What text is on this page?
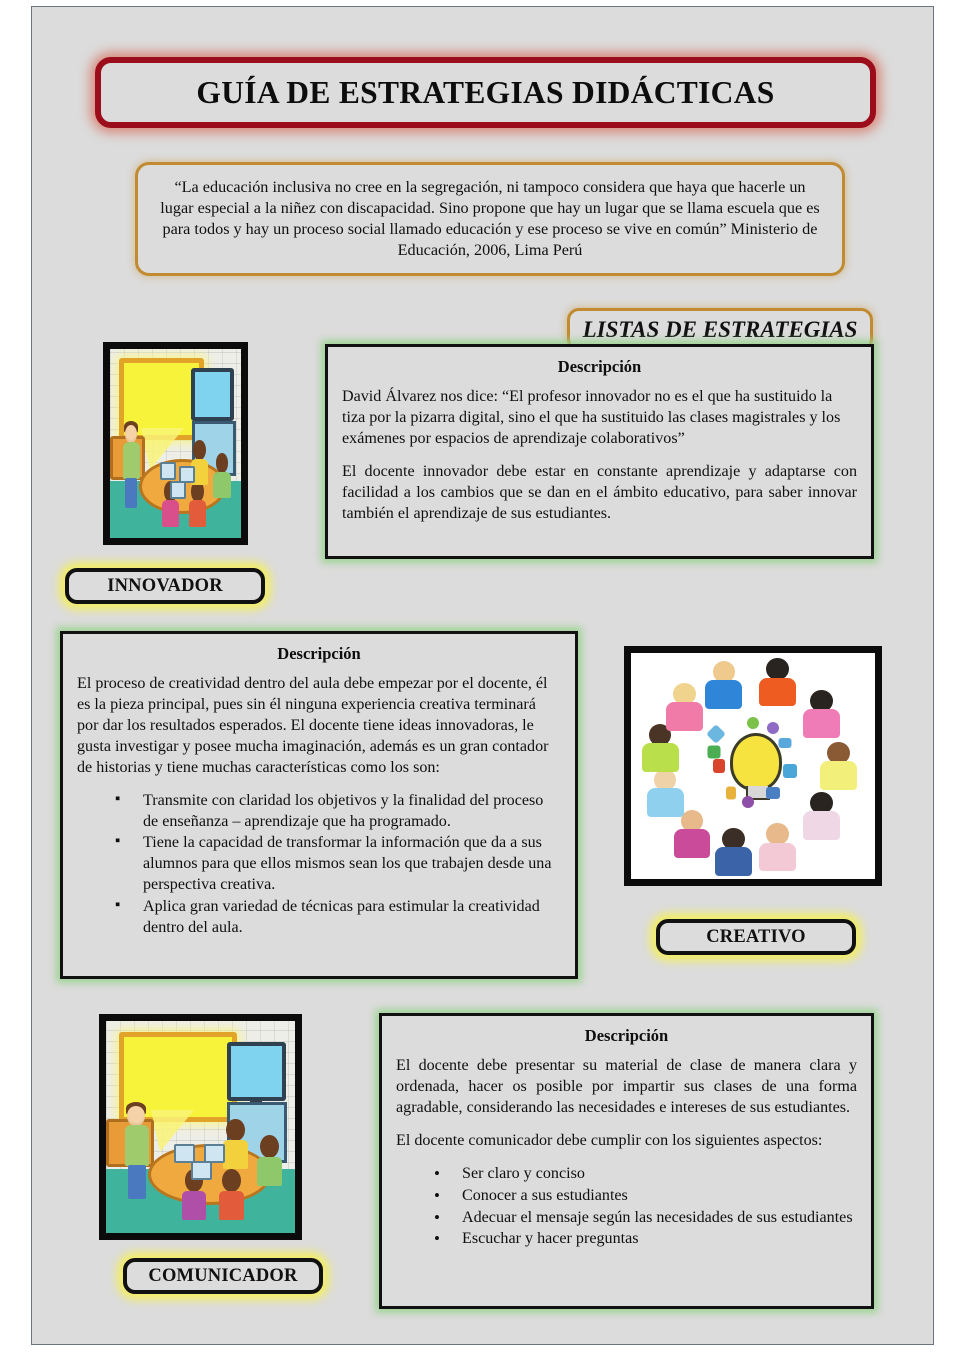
GUÍA DE ESTRATEGIAS DIDÁCTICAS
“La educación inclusiva no cree en la segregación, ni tampoco considera que haya que hacerle un lugar especial a la niñez con discapacidad. Sino propone que hay un lugar que se llama escuela que es para todos y hay un proceso social llamado educación y ese proceso se vive en común” Ministerio de Educación, 2006, Lima Perú
LISTAS DE ESTRATEGIAS
INNOVADOR
Descripción

David Álvarez nos dice: “El profesor innovador no es el que ha sustituido la tiza por la pizarra digital, sino el que ha sustituido las clases magistrales y los exámenes por espacios de aprendizaje colaborativos”

El docente innovador debe estar en constante aprendizaje y adaptarse con facilidad a los cambios que se dan en el ámbito educativo, para saber innovar también el aprendizaje de sus estudiantes.

Descripción

El proceso de creatividad dentro del aula debe empezar por el docente, él es la pieza principal, pues sin él ninguna experiencia creativa terminará por dar los resultados esperados. El docente tiene ideas innovadoras, le gusta investigar y posee mucha imaginación, además es un gran contador de historias y tiene muchas características como los son:

▪ Transmite con claridad los objetivos y la finalidad del proceso de enseñanza – aprendizaje que ha programado.
▪ Tiene la capacidad de transformar la información que da a sus alumnos para que ellos mismos sean los que trabajen desde una perspectiva creativa.
▪ Aplica gran variedad de técnicas para estimular la creatividad dentro del aula.	CREATIVO
COMUNICADOR
Descripción

El docente debe presentar su material de clase de manera clara y ordenada, hacer os posible por impartir sus clases de una forma agradable, considerando las necesidades e intereses de sus estudiantes.

El docente comunicador debe cumplir con los siguientes aspectos:

• Ser claro y conciso
• Conocer a sus estudiantes
• Adecuar el mensaje según las necesidades de sus estudiantes
• Escuchar y hacer preguntas
